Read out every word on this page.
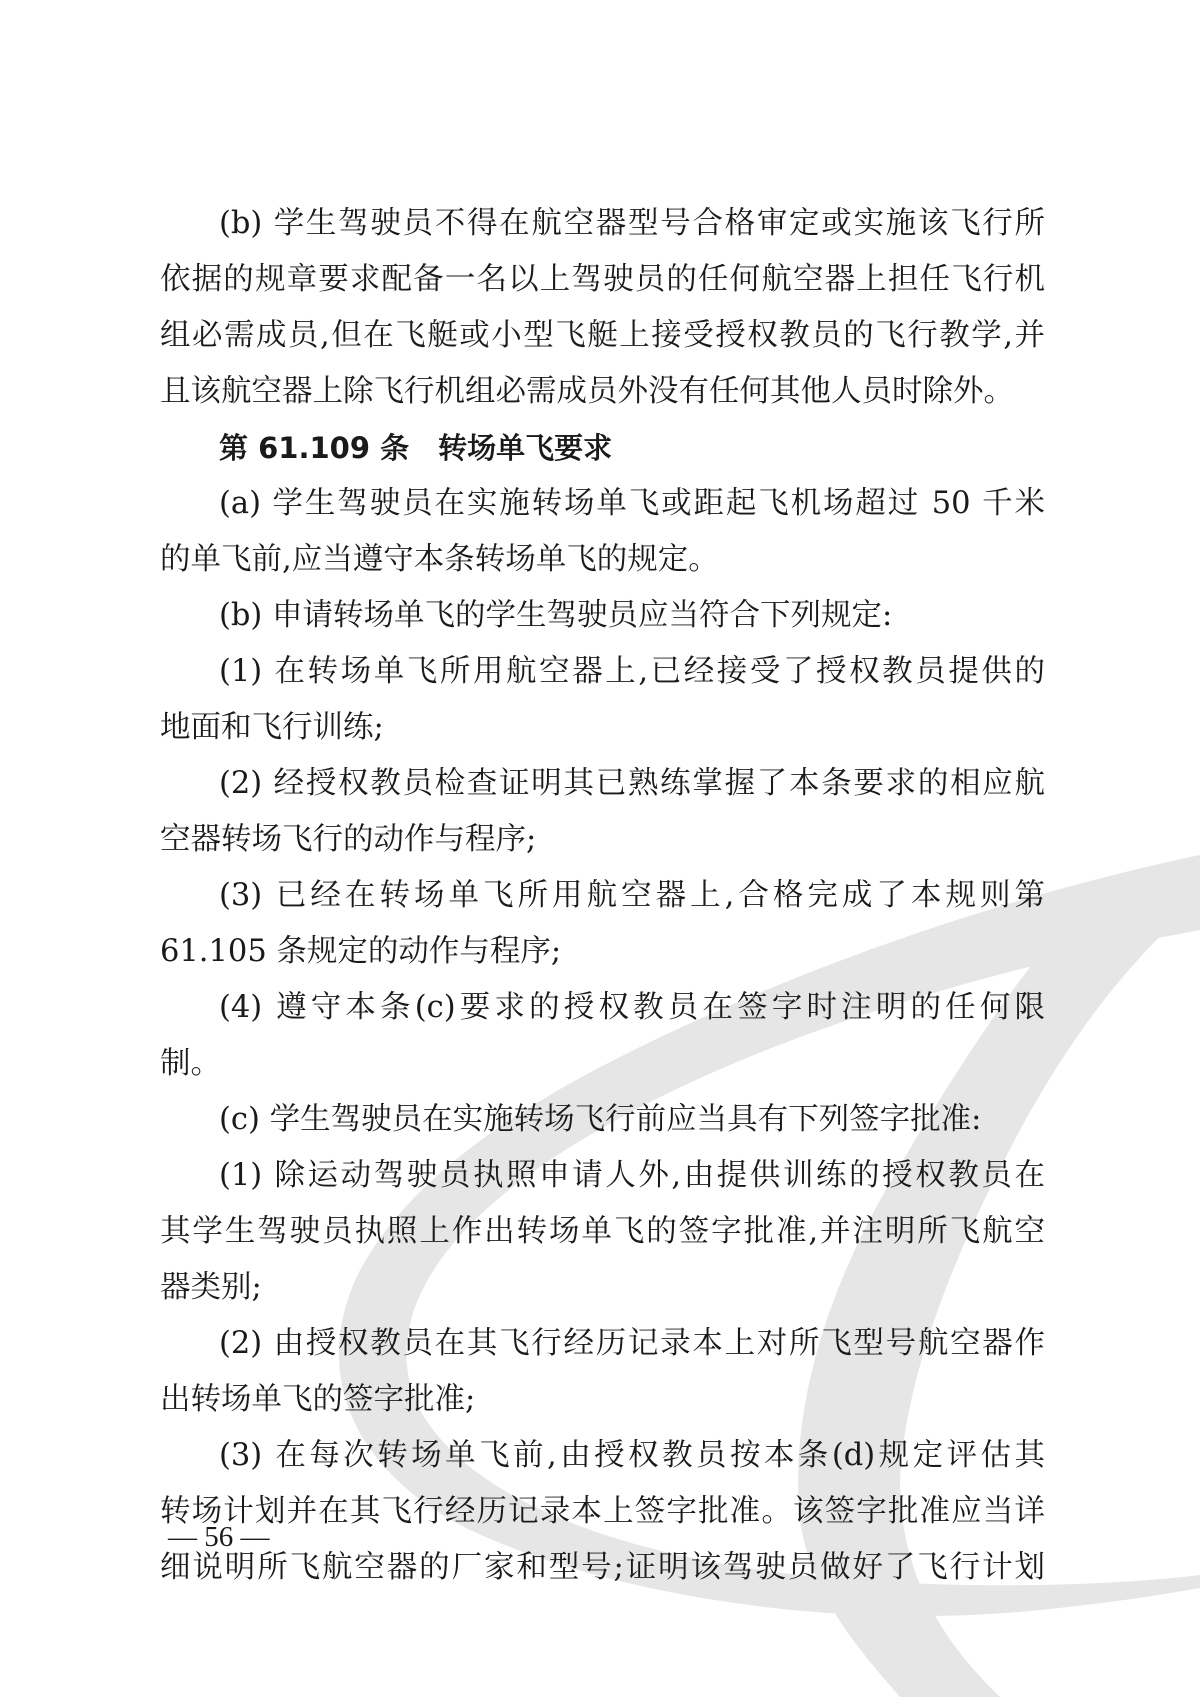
(b) 学生驾驶员不得在航空器型号合格审定或实施该飞行所
依据的规章要求配备一名以上驾驶员的任何航空器上担任飞行机
组必需成员,但在飞艇或小型飞艇上接受授权教员的飞行教学,并
且该航空器上除飞行机组必需成员外没有任何其他人员时除外。
第 61.109 条　转场单飞要求
(a) 学生驾驶员在实施转场单飞或距起飞机场超过 50 千米
的单飞前,应当遵守本条转场单飞的规定。
(b) 申请转场单飞的学生驾驶员应当符合下列规定:
(1) 在转场单飞所用航空器上,已经接受了授权教员提供的
地面和飞行训练;
(2) 经授权教员检查证明其已熟练掌握了本条要求的相应航
空器转场飞行的动作与程序;
(3) 已经在转场单飞所用航空器上,合格完成了本规则第
61.105 条规定的动作与程序;
(4) 遵守本条(c)要求的授权教员在签字时注明的任何限
制。
(c) 学生驾驶员在实施转场飞行前应当具有下列签字批准:
(1) 除运动驾驶员执照申请人外,由提供训练的授权教员在
其学生驾驶员执照上作出转场单飞的签字批准,并注明所飞航空
器类别;
(2) 由授权教员在其飞行经历记录本上对所飞型号航空器作
出转场单飞的签字批准;
(3) 在每次转场单飞前,由授权教员按本条(d)规定评估其
转场计划并在其飞行经历记录本上签字批准。该签字批准应当详
细说明所飞航空器的厂家和型号;证明该驾驶员做好了飞行计划
— 56 —
